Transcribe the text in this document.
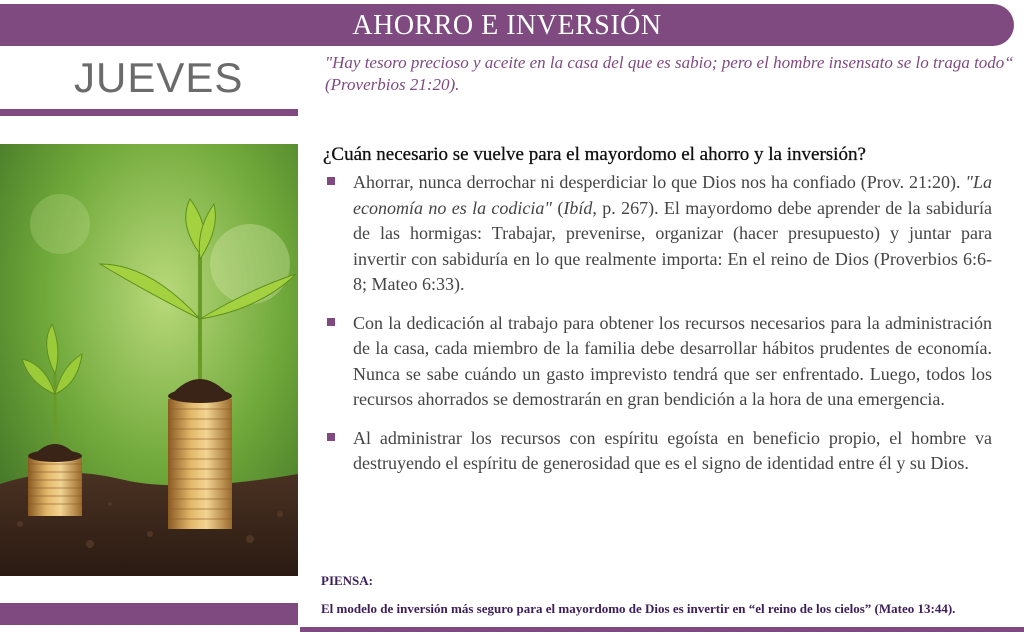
AHORRO E INVERSIÓN
JUEVES	"Hay tesoro precioso y aceite en la casa del que es sabio; pero el hombre insensato se lo traga todo“ (Proverbios 21:20).
¿Cuán necesario se vuelve para el mayordomo el ahorro y la inversión?
Ahorrar, nunca derrochar ni desperdiciar lo que Dios nos ha confiado (Prov. 21:20). "La economía no es la codicia" (Ibíd, p. 267). El mayordomo debe aprender de la sabiduría de las hormigas: Trabajar, prevenirse, organizar (hacer presupuesto) y juntar para invertir con sabiduría en lo que realmente importa: En el reino de Dios (Proverbios 6:6-8; Mateo 6:33).
Con la dedicación al trabajo para obtener los recursos necesarios para la administración de la casa, cada miembro de la familia debe desarrollar hábitos prudentes de economía. Nunca se sabe cuándo un gasto imprevisto tendrá que ser enfrentado. Luego, todos los recursos ahorrados se demostrarán en gran bendición a la hora de una emergencia.
Al administrar los recursos con espíritu egoísta en beneficio propio, el hombre va destruyendo el espíritu de generosidad que es el signo de identidad entre él y su Dios.
PIENSA:
El modelo de inversión más seguro para el mayordomo de Dios es invertir en “el reino de los cielos” (Mateo 13:44).
